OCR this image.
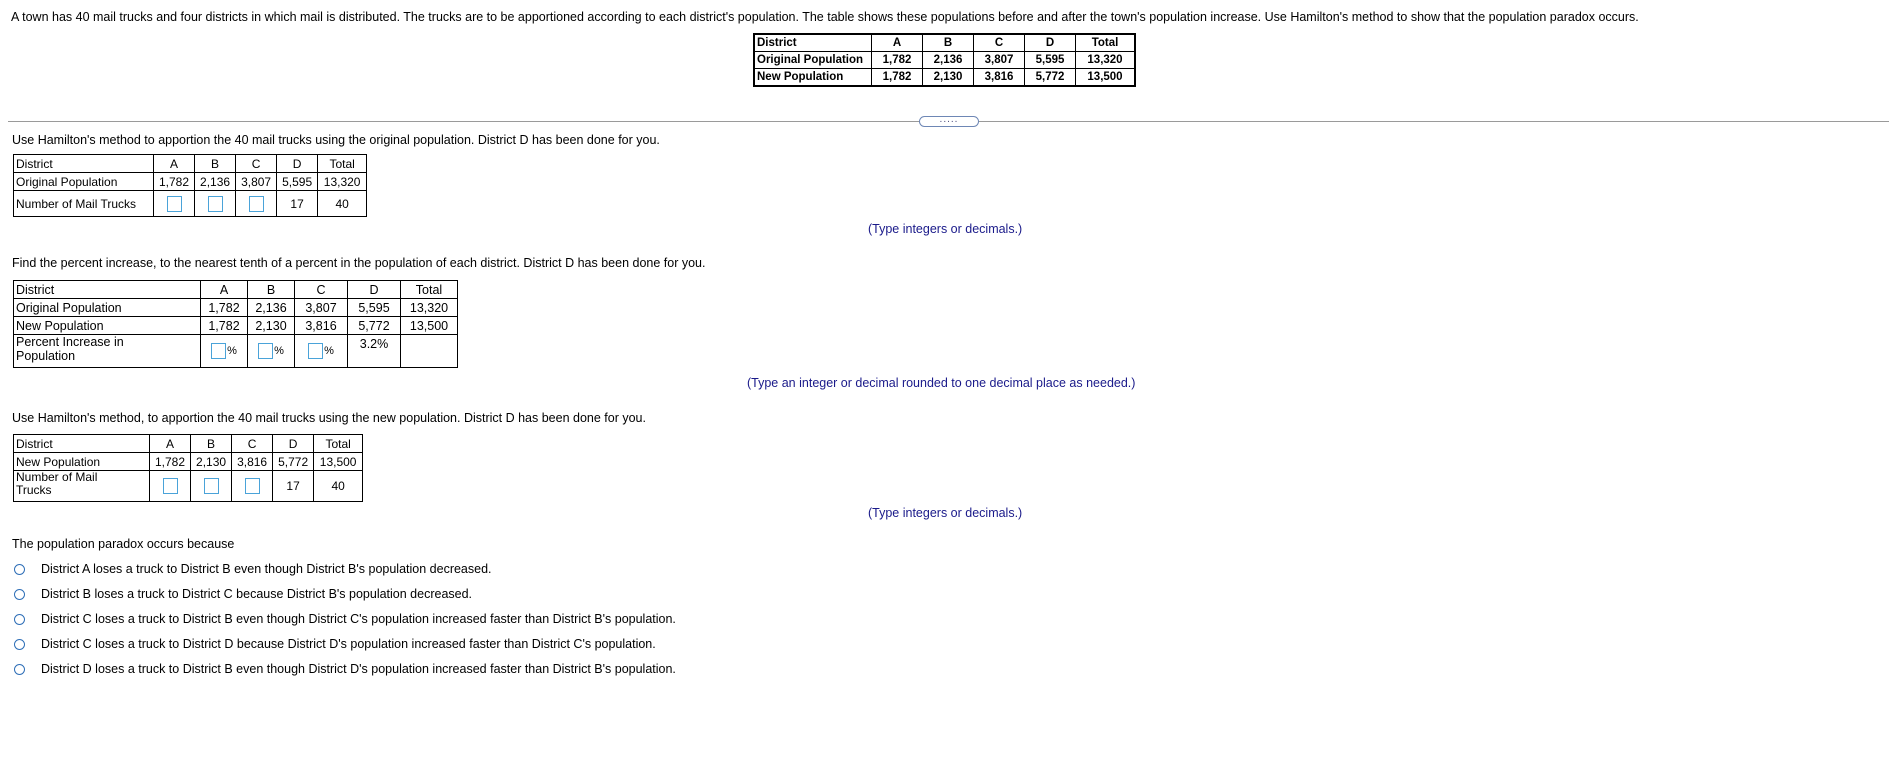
A town has 40 mail trucks and four districts in which mail is distributed. The trucks are to be apportioned according to each district's population. The table shows these populations before and after the town's population increase. Use Hamilton's method to show that the population paradox occurs.
District	A	B	C	D	Total
Original Population	1,782	2,136	3,807	5,595	13,320
New Population	1,782	2,130	3,816	5,772	13,500
.....
Use Hamilton's method to apportion the 40 mail trucks using the original population. District D has been done for you.
District	A	B	C	D	Total
Original Population	1,782	2,136	3,807	5,595	13,320
Number of Mail Trucks				17	40
(Type integers or decimals.)
Find the percent increase, to the nearest tenth of a percent in the population of each district. District D has been done for you.
District	A	B	C	D	Total
Original Population	1,782	2,136	3,807	5,595	13,320
New Population	1,782	2,130	3,816	5,772	13,500
Percent Increase in
Population	%	%	%	3.2%	
(Type an integer or decimal rounded to one decimal place as needed.)
Use Hamilton's method, to apportion the 40 mail trucks using the new population. District D has been done for you.
District	A	B	C	D	Total
New Population	1,782	2,130	3,816	5,772	13,500
Number of Mail
Trucks				17	40
(Type integers or decimals.)
The population paradox occurs because
District A loses a truck to District B even though District B's population decreased.
District B loses a truck to District C because District B's population decreased.
District C loses a truck to District B even though District C's population increased faster than District B's population.
District C loses a truck to District D because District D's population increased faster than District C's population.
District D loses a truck to District B even though District D's population increased faster than District B's population.
